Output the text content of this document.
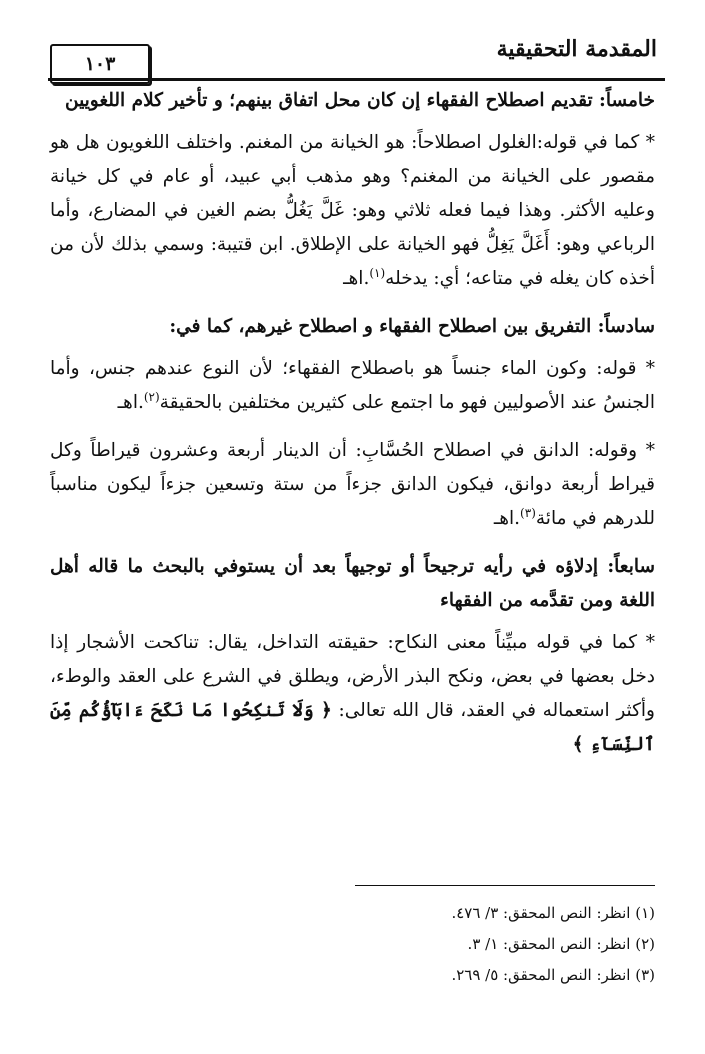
المقدمة التحقيقية
١٠٣

خامساً: تقديم اصطلاح الفقهاء إن كان محل اتفاق بينهم؛ و تأخير كلام اللغويين

* كما في قوله:الغلول اصطلاحاً: هو الخيانة من المغنم. واختلف اللغويون هل هو مقصور على الخيانة من المغنم؟ وهو مذهب أبي عبيد، أو عام في كل خيانة وعليه الأكثر. وهذا فيما فعله ثلاثي وهو: غَلَّ يَغُلُّ بضم الغين في المضارع، وأما الرباعي وهو: أَغَلَّ يَغِلُّ فهو الخيانة على الإطلاق. ابن قتيبة: وسمي بذلك لأن من أخذه كان يغله في متاعه؛ أي: يدخله$^{(١)}$.اهـ

سادساً: التفريق بين اصطلاح الفقهاء و اصطلاح غيرهم، كما في:

* قوله: وكون الماء جنساً هو باصطلاح الفقهاء؛ لأن النوع عندهم جنس، وأما الجنسُ عند الأصوليين فهو ما اجتمع على كثيرين مختلفين بالحقيقة$^{(٢)}$.اهـ

* وقوله: الدانق في اصطلاح الحُسَّابِ: أن الدينار أربعة وعشرون قيراطاً وكل قيراط أربعة دوانق، فيكون الدانق جزءاً من ستة وتسعين جزءاً ليكون مناسباً للدرهم في مائة$^{(٣)}$.اهـ

سابعاً: إدلاؤه في رأيه ترجيحاً أو توجيهاً بعد أن يستوفي بالبحث ما قاله أهل اللغة ومن تقدَّمه من الفقهاء

* كما في قوله مبيِّناً معنى النكاح: حقيقته التداخل، يقال: تناكحت الأشجار إذا دخل بعضها في بعض، ونكح البذر الأرض، ويطلق في الشرع على العقد والوطء، وأكثر استعماله في العقد، قال الله تعالى: ﴿ وَلَا تَنكِحُوا مَا نَكَحَ ءَابَآؤُكُم مِّنَ ٱلنِّسَآءِ ﴾

(١) انظر: النص المحقق: ٣/ ٤٧٦.
(٢) انظر: النص المحقق: ١/ ٣.
(٣) انظر: النص المحقق: ٥/ ٢٦٩.
